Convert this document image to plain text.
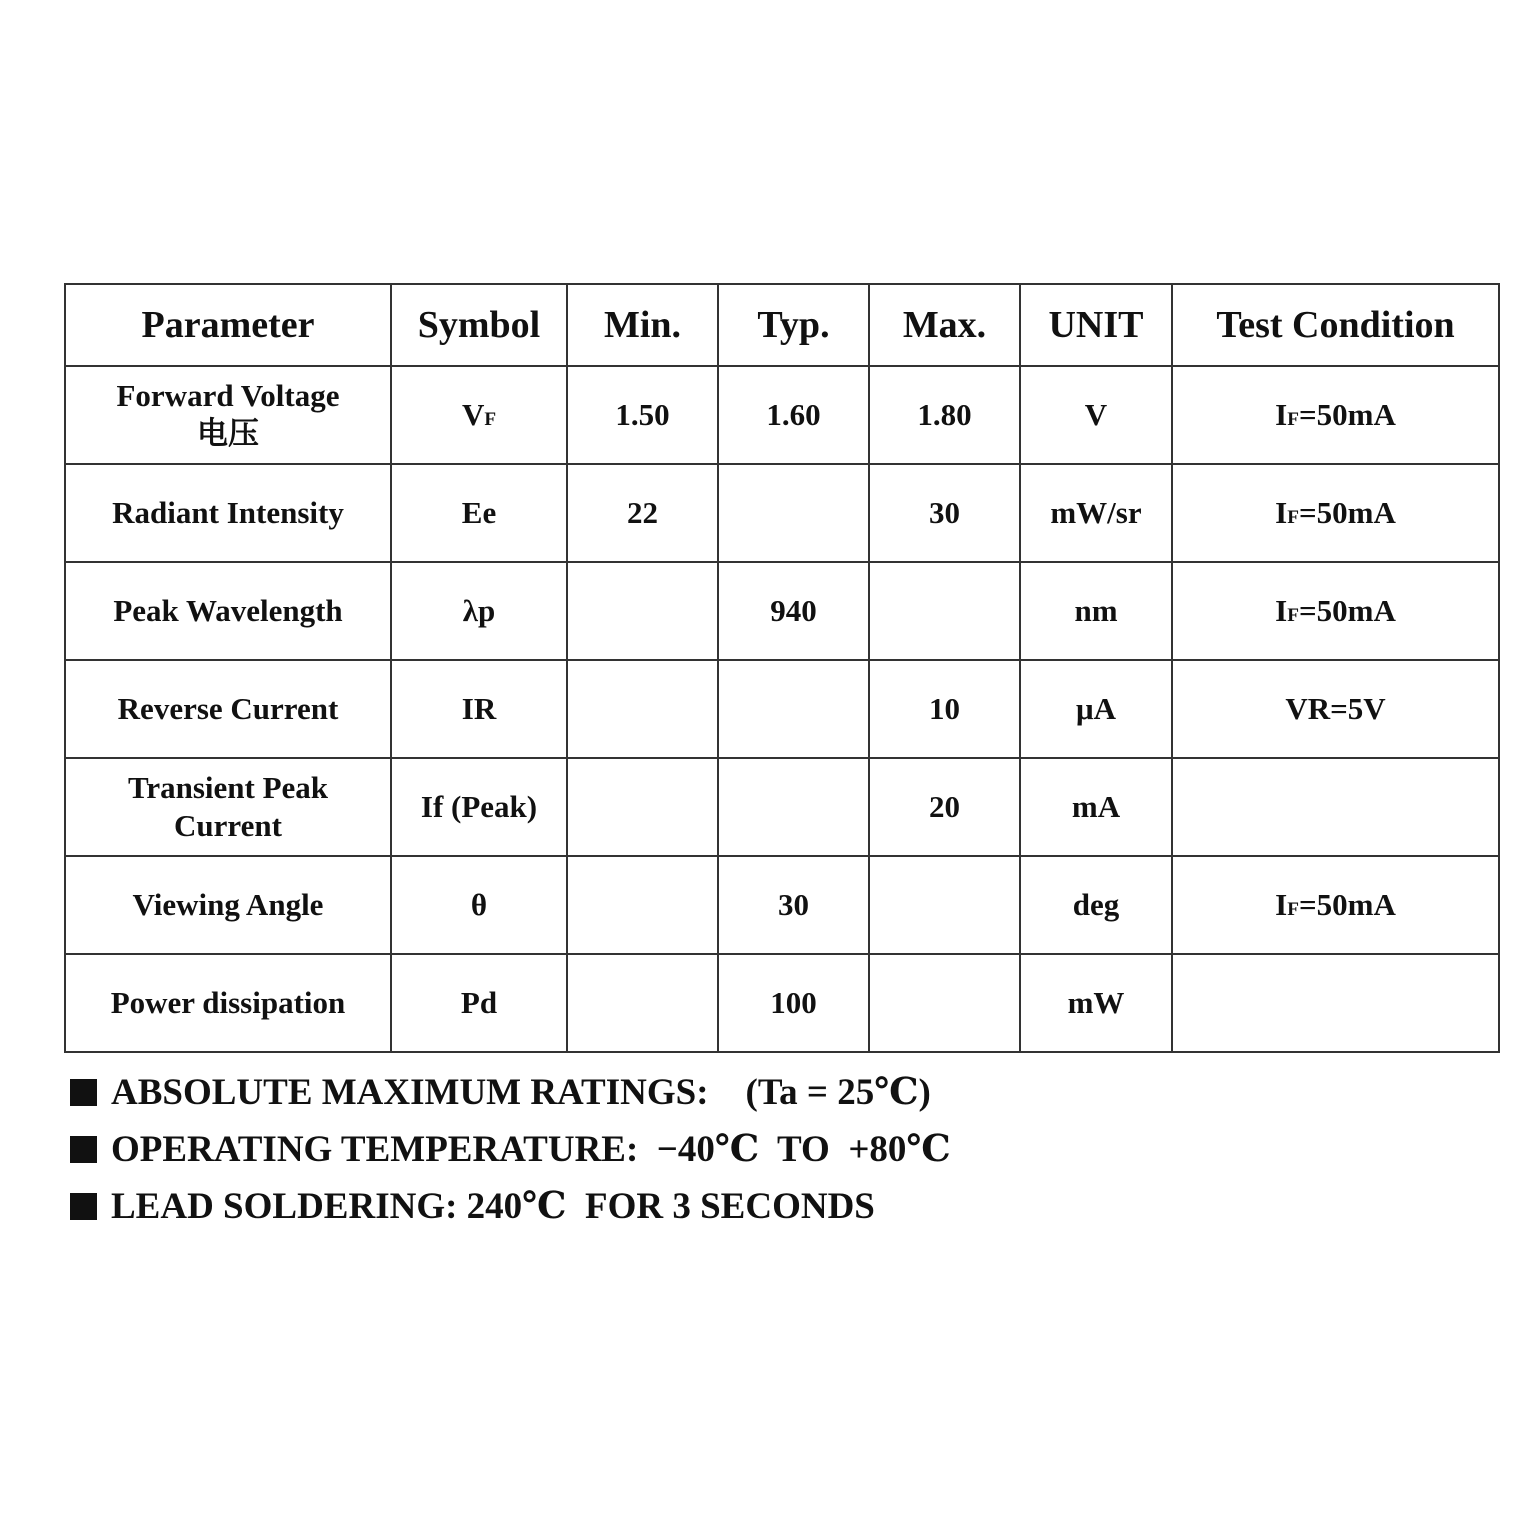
Parameter	Symbol	Min.	Typ.	Max.	UNIT	Test Condition

Forward Voltage
电压	VF	1.50	1.60	1.80	V	IF=50mA
Radiant Intensity	Ee	22		30	mW/sr	IF=50mA
Peak Wavelength	λp		940		nm	IF=50mA
Reverse Current	IR			10	μA	VR=5V

Transient Peak
Current	If (Peak)			20	mA	
Viewing Angle	θ		30		deg	IF=50mA
Power dissipation	Pd		100		mW	
ABSOLUTE MAXIMUM RATINGS:    (Ta = 25℃)
OPERATING TEMPERATURE:  −40℃  TO  +80℃
LEAD SOLDERING: 240℃  FOR 3 SECONDS
